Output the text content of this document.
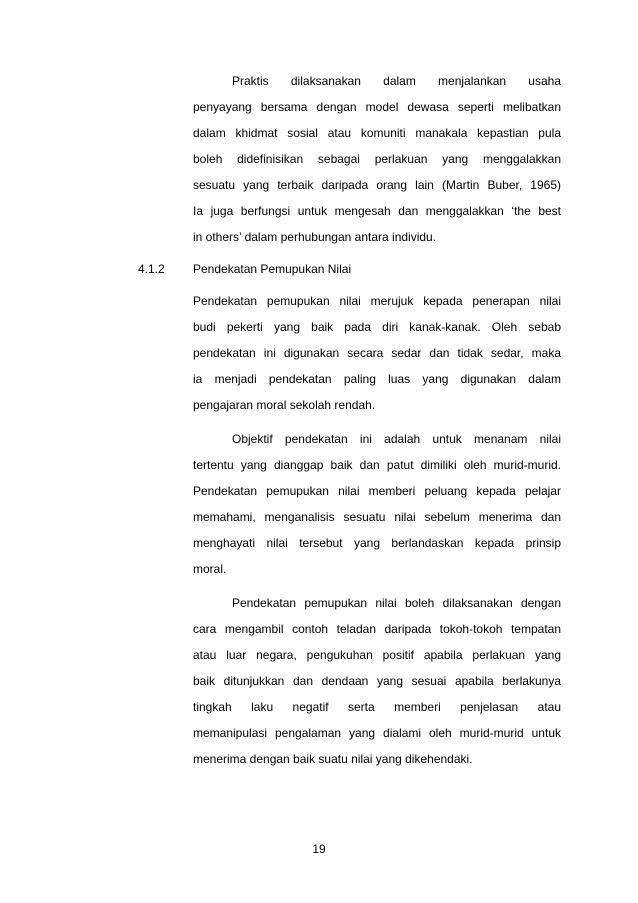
Praktis dilaksanakan dalam menjalankan usaha
penyayang bersama dengan model dewasa seperti melibatkan
dalam khidmat sosial atau komuniti manakala kepastian pula
boleh didefinisikan sebagai perlakuan yang menggalakkan
sesuatu yang terbaik daripada orang lain (Martin Buber, 1965)
Ia juga berfungsi untuk mengesah dan menggalakkan ‘the best
in others’ dalam perhubungan antara individu.
4.1.2 Pendekatan Pemupukan Nilai
Pendekatan pemupukan nilai merujuk kepada penerapan nilai
budi pekerti yang baik pada diri kanak-kanak. Oleh sebab
pendekatan ini digunakan secara sedar dan tidak sedar, maka
ia menjadi pendekatan paling luas yang digunakan dalam
pengajaran moral sekolah rendah.
Objektif pendekatan ini adalah untuk menanam nilai
tertentu yang dianggap baik dan patut dimiliki oleh murid-murid.
Pendekatan pemupukan nilai memberi peluang kepada pelajar
memahami, menganalisis sesuatu nilai sebelum menerima dan
menghayati nilai tersebut yang berlandaskan kepada prinsip
moral.
Pendekatan pemupukan nilai boleh dilaksanakan dengan
cara mengambil contoh teladan daripada tokoh-tokoh tempatan
atau luar negara, pengukuhan positif apabila perlakuan yang
baik ditunjukkan dan dendaan yang sesuai apabila berlakunya
tingkah laku negatif serta memberi penjelasan atau
memanipulasi pengalaman yang dialami oleh murid-murid untuk
menerima dengan baik suatu nilai yang dikehendaki.
19
